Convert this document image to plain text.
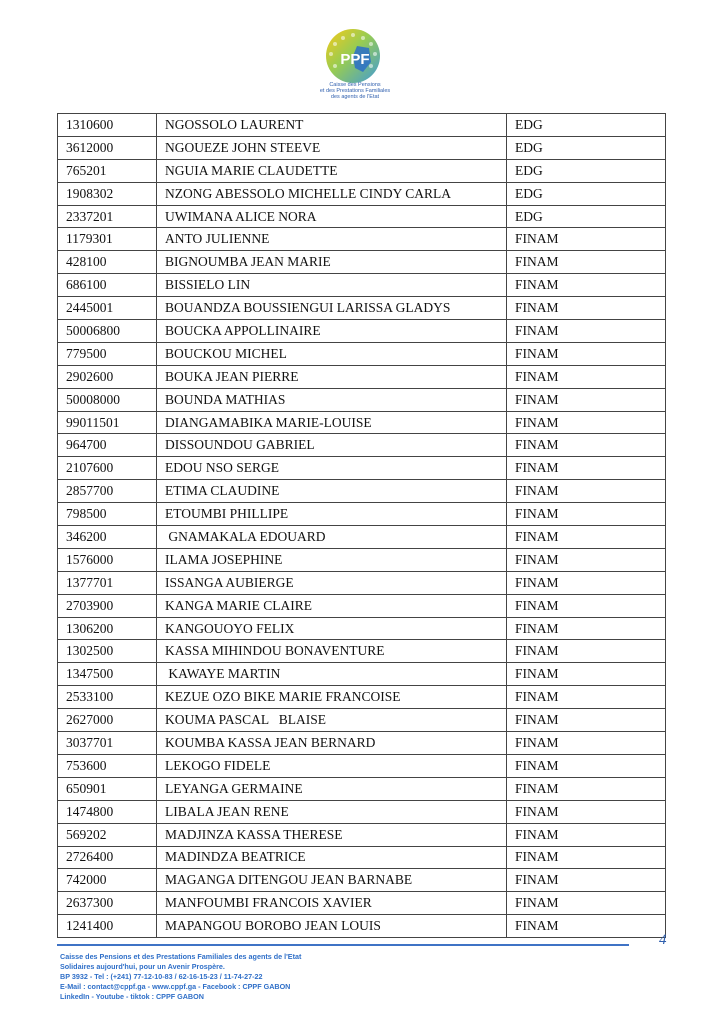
PPF
Caisse des Pensions
et des Prestations Familiales
des agents de l'Etat
1310600	NGOSSOLO LAURENT	EDG
3612000	NGOUEZE JOHN STEEVE	EDG
765201	NGUIA MARIE CLAUDETTE	EDG
1908302	NZONG ABESSOLO MICHELLE CINDY CARLA	EDG
2337201	UWIMANA ALICE NORA	EDG
1179301	ANTO JULIENNE	FINAM
428100	BIGNOUMBA JEAN MARIE	FINAM
686100	BISSIELO LIN	FINAM
2445001	BOUANDZA BOUSSIENGUI LARISSA GLADYS	FINAM
50006800	BOUCKA APPOLLINAIRE	FINAM
779500	BOUCKOU MICHEL	FINAM
2902600	BOUKA JEAN PIERRE	FINAM
50008000	BOUNDA MATHIAS	FINAM
99011501	DIANGAMABIKA MARIE-LOUISE	FINAM
964700	DISSOUNDOU GABRIEL	FINAM
2107600	EDOU NSO SERGE	FINAM
2857700	ETIMA CLAUDINE	FINAM
798500	ETOUMBI PHILLIPE	FINAM
346200	GNAMAKALA EDOUARD	FINAM
1576000	ILAMA JOSEPHINE	FINAM
1377701	ISSANGA AUBIERGE	FINAM
2703900	KANGA MARIE CLAIRE	FINAM
1306200	KANGOUOYO FELIX	FINAM
1302500	KASSA MIHINDOU BONAVENTURE	FINAM
1347500	KAWAYE MARTIN	FINAM
2533100	KEZUE OZO BIKE MARIE FRANCOISE	FINAM
2627000	KOUMA PASCAL   BLAISE	FINAM
3037701	KOUMBA KASSA JEAN BERNARD	FINAM
753600	LEKOGO FIDELE	FINAM
650901	LEYANGA GERMAINE	FINAM
1474800	LIBALA JEAN RENE	FINAM
569202	MADJINZA KASSA THERESE	FINAM
2726400	MADINDZA BEATRICE	FINAM
742000	MAGANGA DITENGOU JEAN BARNABE	FINAM
2637300	MANFOUMBI FRANCOIS XAVIER	FINAM
1241400	MAPANGOU BOROBO JEAN LOUIS	FINAM
4
Caisse des Pensions et des Prestations Familiales des agents de l'Etat
Solidaires aujourd'hui, pour un Avenir Prospère.
BP 3932 - Tel : (+241) 77-12-10-83 / 62-16-15-23 / 11-74-27-22
E-Mail : contact@cppf.ga - www.cppf.ga - Facebook : CPPF GABON
LinkedIn - Youtube - tiktok : CPPF GABON
